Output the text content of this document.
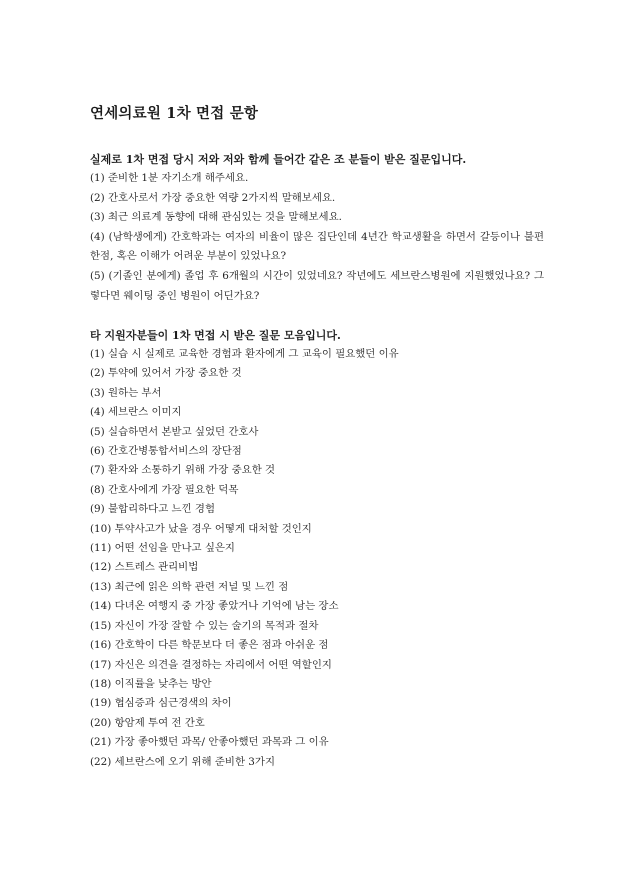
연세의료원 1차 면접 문항
실제로 1차 면접 당시 저와 저와 함께 들어간 같은 조 분들이 받은 질문입니다.
(1) 준비한 1분 자기소개 해주세요.
(2) 간호사로서 가장 중요한 역량 2가지씩 말해보세요.
(3) 최근 의료계 동향에 대해 관심있는 것을 말해보세요.
(4) (남학생에게) 간호학과는 여자의 비율이 많은 집단인데 4년간 학교생활을 하면서 갈등이나 불편한점, 혹은 이해가 어려운 부분이 있었나요?
(5) (기졸인 분에게) 졸업 후 6개월의 시간이 있었네요? 작년에도 세브란스병원에 지원했었나요? 그렇다면 웨이팅 중인 병원이 어딘가요?
타 지원자분들이 1차 면접 시 받은 질문 모음입니다.
(1) 실습 시 실제로 교육한 경험과 환자에게 그 교육이 필요했던 이유
(2) 투약에 있어서 가장 중요한 것
(3) 원하는 부서
(4) 세브란스 이미지
(5) 실습하면서 본받고 싶었던 간호사
(6) 간호간병통합서비스의 장단점
(7) 환자와 소통하기 위해 가장 중요한 것
(8) 간호사에게 가장 필요한 덕목
(9) 불합리하다고 느낀 경험
(10) 투약사고가 났을 경우 어떻게 대처할 것인지
(11) 어떤 선임을 만나고 싶은지
(12) 스트레스 관리비법
(13) 최근에 읽은 의학 관련 저널 및 느낀 점
(14) 다녀온 여행지 중 가장 좋았거나 기억에 남는 장소
(15) 자신이 가장 잘할 수 있는 술기의 목적과 절차
(16) 간호학이 다른 학문보다 더 좋은 점과 아쉬운 점
(17) 자신은 의견을 결정하는 자리에서 어떤 역할인지
(18) 이직률을 낮추는 방안
(19) 협심증과 심근경색의 차이
(20) 항암제 투여 전 간호
(21) 가장 좋아했던 과목/ 안좋아했던 과목과 그 이유
(22) 세브란스에 오기 위해 준비한 3가지
